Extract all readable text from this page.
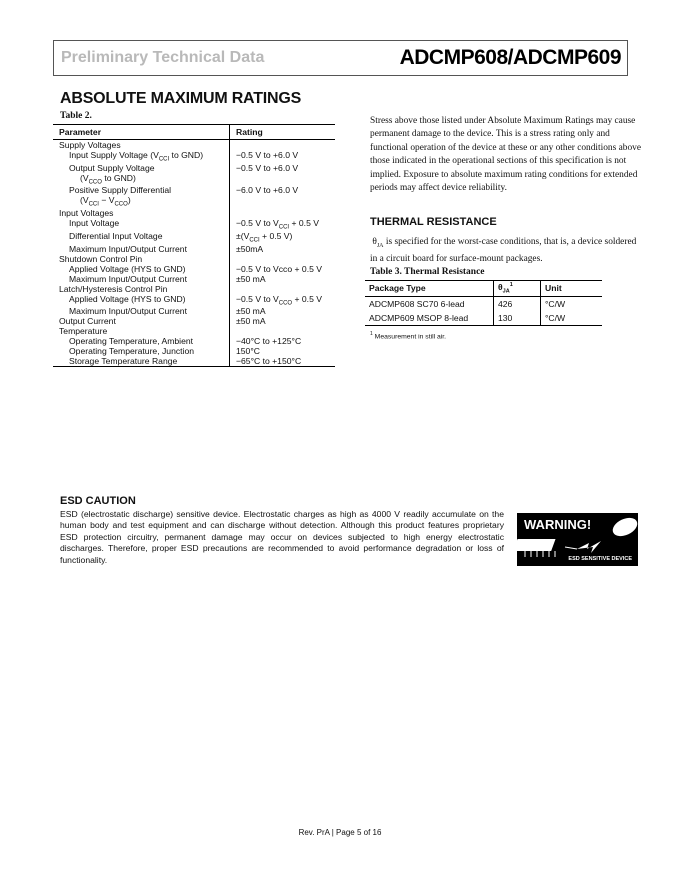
Preliminary Technical Data	ADCMP608/ADCMP609
ABSOLUTE MAXIMUM RATINGS
Table 2.
Parameter	Rating
Supply Voltages	
Input Supply Voltage ($V_{CCI}$ to GND)	−0.5 V to +6.0 V
Output Supply Voltage	−0.5 V to +6.0 V
($V_{CCO}$ to GND)	
Positive Supply Differential	−6.0 V to +6.0 V
$(V_{CCI} - V_{CCO})$	
Input Voltages	
Input Voltage	−0.5 V to $V_{CCI} + 0.5$ V
Differential Input Voltage	$\pm(V_{CCI} + 0.5$ V)
Maximum Input/Output Current	±50mA
Shutdown Control Pin	
Applied Voltage (HYS to GND)	−0.5 V to Vcco + 0.5 V
Maximum Input/Output Current	±50 mA
Latch/Hysteresis Control Pin	
Applied Voltage (HYS to GND)	−0.5 V to $V_{CCO} + 0.5$ V
Maximum Input/Output Current	±50 mA
Output Current	±50 mA
Temperature	
Operating Temperature, Ambient	−40°C to +125°C
Operating Temperature, Junction	150°C
Storage Temperature Range	−65°C to +150°C
Stress above those listed under Absolute Maximum Ratings may cause permanent damage to the device. This is a stress rating only and functional operation of the device at these or any other conditions above those indicated in the operational sections of this specification is not implied. Exposure to absolute maximum rating conditions for extended periods may affect device reliability.
THERMAL RESISTANCE
$\theta_{JA}$ is specified for the worst-case conditions, that is, a device soldered in a circuit board for surface-mount packages.
Table 3. Thermal Resistance
Package Type	$\theta_{JA}^1$	Unit
ADCMP608 SC70 6-lead	426	°C/W
ADCMP609 MSOP 8-lead	130	°C/W
$^1$ Measurement in still air.
ESD CAUTION
ESD (electrostatic discharge) sensitive device. Electrostatic charges as high as 4000 V readily accumulate on the human body and test equipment and can discharge without detection. Although this product features proprietary ESD protection circuitry, permanent damage may occur on devices subjected to high energy electrostatic discharges. Therefore, proper ESD precautions are recommended to avoid performance degradation or loss of functionality.
WARNING!
ESD SENSITIVE DEVICE
Rev. PrA | Page 5 of 16
